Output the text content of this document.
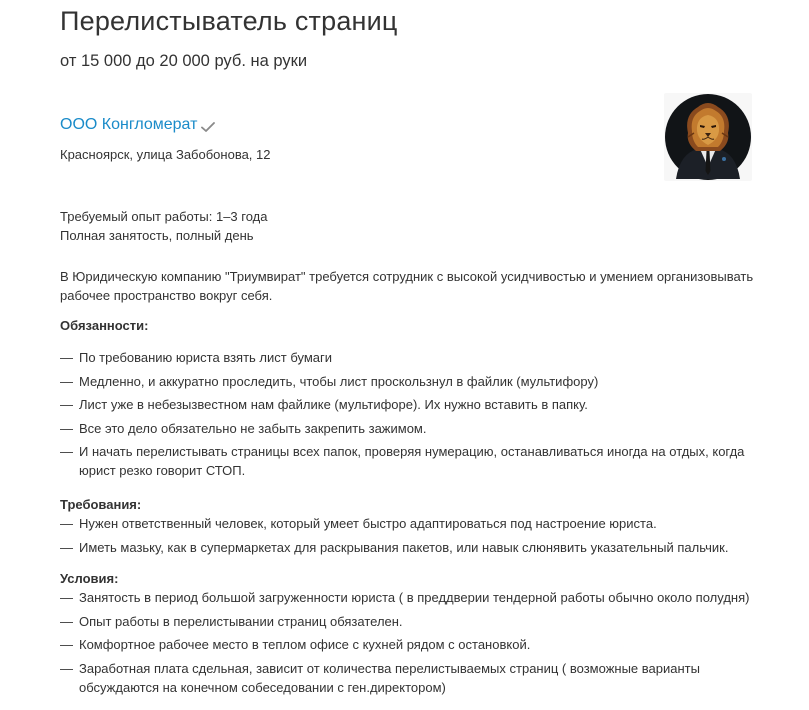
Перелистыватель страниц
от 15 000 до 20 000 руб. на руки
ООО Конгломерат
Красноярск, улица Забобонова, 12
Требуемый опыт работы: 1–3 года
Полная занятость, полный день
В Юридическую компанию "Триумвират" требуется сотрудник с высокой усидчивостью и умением организовывать рабочее пространство вокруг себя.
Обязанности:
— По требованию юриста взять лист бумаги
— Медленно, и аккуратно проследить, чтобы лист проскользнул в файлик (мультифору)
— Лист уже в небезызвестном нам файлике (мультифоре). Их нужно вставить в папку.
— Все это дело обязательно не забыть закрепить зажимом.
— И начать перелистывать страницы всех папок, проверяя нумерацию, останавливаться иногда на отдых, когда юрист резко говорит СТОП.
Требования:
— Нужен ответственный человек, который умеет быстро адаптироваться под настроение юриста.
— Иметь мазьку, как в супермаркетах для раскрывания пакетов, или навык слюнявить указательный пальчик.
Условия:
— Занятость в период большой загруженности юриста ( в преддверии тендерной работы обычно около полудня)
— Опыт работы в перелистывании страниц обязателен.
— Комфортное рабочее место в теплом офисе с кухней рядом с остановкой.
— Заработная плата сдельная, зависит от количества перелистываемых страниц ( возможные варианты обсуждаются на конечном собеседовании с ген.директором)
